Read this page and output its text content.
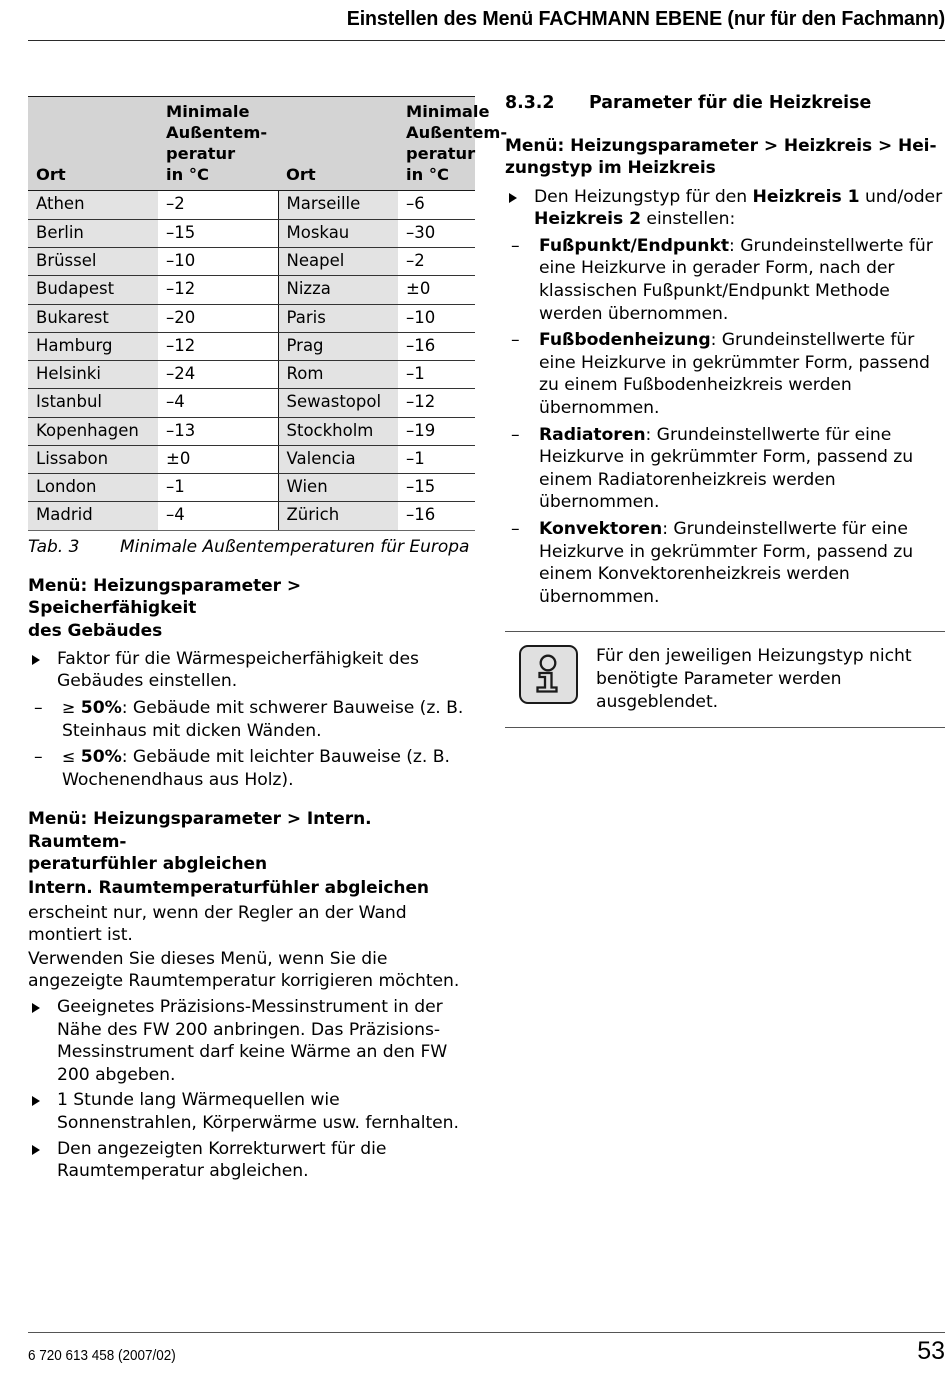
Einstellen des Menü FACHMANN EBENE (nur für den Fachmann)
Ort	Minimale
Außentem-
peratur
in °C	Ort	Minimale
Außentem-
peratur
in °C
Athen	–2	Marseille	–6
Berlin	–15	Moskau	–30
Brüssel	–10	Neapel	–2
Budapest	–12	Nizza	±0
Bukarest	–20	Paris	–10
Hamburg	–12	Prag	–16
Helsinki	–24	Rom	–1
Istanbul	–4	Sewastopol	–12
Kopenhagen	–13	Stockholm	–19
Lissabon	±0	Valencia	–1
London	–1	Wien	–15
Madrid	–4	Zürich	–16
Tab. 3	Minimale Außentemperaturen für Europa
Menü: Heizungsparameter > Speicherfähigkeit
des Gebäudes
Faktor für die Wärmespeicherfähigkeit des Gebäudes einstellen.
– ≥ 50%: Gebäude mit schwerer Bauweise (z. B. Steinhaus mit dicken Wänden.
– ≤ 50%: Gebäude mit leichter Bauweise (z. B. Wochenendhaus aus Holz).
Menü: Heizungsparameter > Intern. Raumtem-
peraturfühler abgleichen
Intern. Raumtemperaturfühler abgleichen

erscheint nur, wenn der Regler an der Wand montiert ist.

Verwenden Sie dieses Menü, wenn Sie die angezeigte Raumtemperatur korrigieren möchten.

Geeignetes Präzisions-Messinstrument in der Nähe des FW 200 anbringen. Das Präzisions-Messinstrument darf keine Wärme an den FW 200 abgeben.
1 Stunde lang Wärmequellen wie Sonnenstrahlen, Körperwärme usw. fernhalten.
Den angezeigten Korrekturwert für die Raumtemperatur abgleichen.
8.3.2	Parameter für die Heizkreise
Menü: Heizungsparameter > Heizkreis > Hei-
zungstyp im Heizkreis
Den Heizungstyp für den Heizkreis 1 und/oder Heizkreis 2 einstellen:
– Fußpunkt/Endpunkt: Grundeinstellwerte für eine Heizkurve in gerader Form, nach der klassischen Fußpunkt/Endpunkt Methode werden übernommen.
– Fußbodenheizung: Grundeinstellwerte für eine Heizkurve in gekrümmter Form, passend zu einem Fußbodenheizkreis werden übernommen.
– Radiatoren: Grundeinstellwerte für eine Heizkurve in gekrümmter Form, passend zu einem Radiatorenheizkreis werden übernommen.
– Konvektoren: Grundeinstellwerte für eine Heizkurve in gekrümmter Form, passend zu einem Konvektorenheizkreis werden übernommen.
Für den jeweiligen Heizungstyp nicht benötigte Parameter werden ausgeblendet.
6 720 613 458 (2007/02)	53
